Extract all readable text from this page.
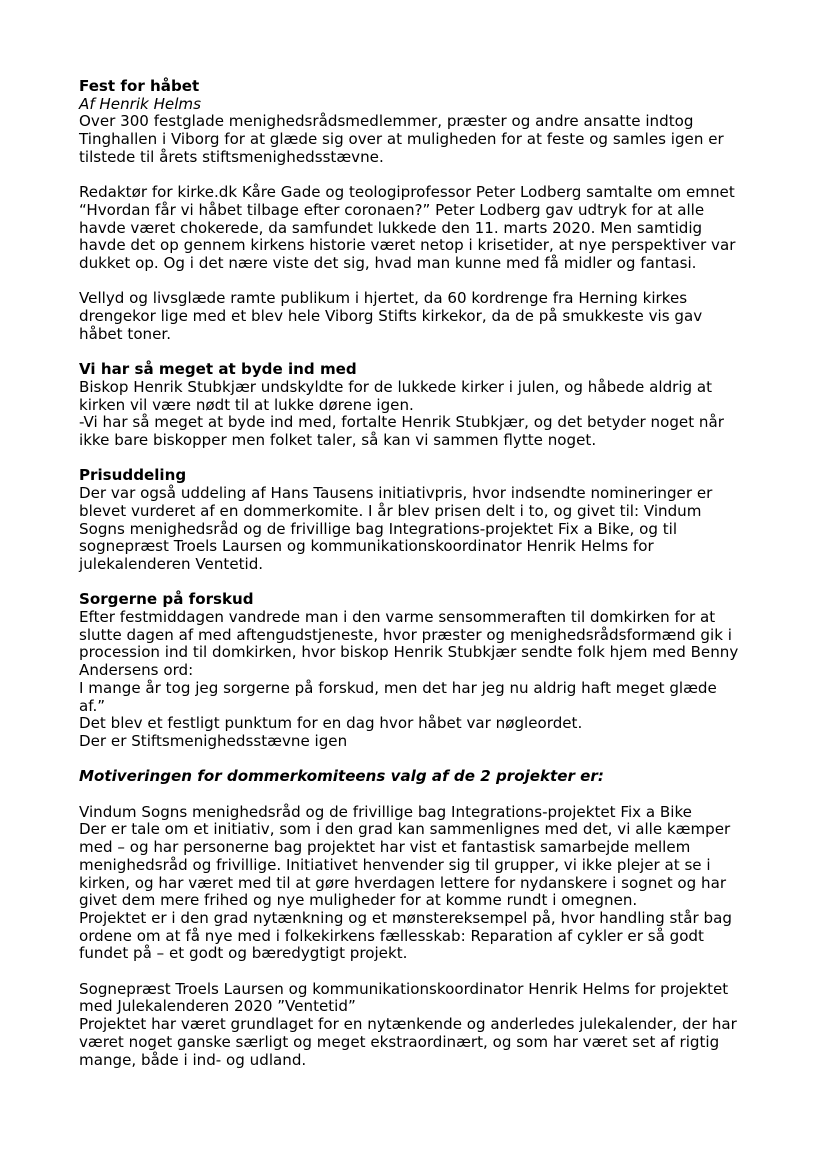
Fest for håbet
Af Henrik Helms
Over 300 festglade menighedsrådsmedlemmer, præster og andre ansatte indtog
Tinghallen i Viborg for at glæde sig over at muligheden for at feste og samles igen er
tilstede til årets stiftsmenighedsstævne.
Redaktør for kirke.dk Kåre Gade og teologiprofessor Peter Lodberg samtalte om emnet
“Hvordan får vi håbet tilbage efter coronaen?” Peter Lodberg gav udtryk for at alle
havde været chokerede, da samfundet lukkede den 11. marts 2020. Men samtidig
havde det op gennem kirkens historie været netop i krisetider, at nye perspektiver var
dukket op. Og i det nære viste det sig, hvad man kunne med få midler og fantasi.
Vellyd og livsglæde ramte publikum i hjertet, da 60 kordrenge fra Herning kirkes
drengekor lige med et blev hele Viborg Stifts kirkekor, da de på smukkeste vis gav
håbet toner.
Vi har så meget at byde ind med
Biskop Henrik Stubkjær undskyldte for de lukkede kirker i julen, og håbede aldrig at
kirken vil være nødt til at lukke dørene igen.
-Vi har så meget at byde ind med, fortalte Henrik Stubkjær, og det betyder noget når
ikke bare biskopper men folket taler, så kan vi sammen flytte noget.
Prisuddeling
Der var også uddeling af Hans Tausens initiativpris, hvor indsendte nomineringer er
blevet vurderet af en dommerkomite. I år blev prisen delt i to, og givet til: Vindum
Sogns menighedsråd og de frivillige bag Integrations-projektet Fix a Bike, og til
sognepræst Troels Laursen og kommunikationskoordinator Henrik Helms for
julekalenderen Ventetid.
Sorgerne på forskud
Efter festmiddagen vandrede man i den varme sensommeraften til domkirken for at
slutte dagen af med aftengudstjeneste, hvor præster og menighedsrådsformænd gik i
procession ind til domkirken, hvor biskop Henrik Stubkjær sendte folk hjem med Benny
Andersens ord:
I mange år tog jeg sorgerne på forskud, men det har jeg nu aldrig haft meget glæde
af.”
Det blev et festligt punktum for en dag hvor håbet var nøgleordet.
Der er Stiftsmenighedsstævne igen
Motiveringen for dommerkomiteens valg af de 2 projekter er:
Vindum Sogns menighedsråd og de frivillige bag Integrations-projektet Fix a Bike
Der er tale om et initiativ, som i den grad kan sammenlignes med det, vi alle kæmper
med – og har personerne bag projektet har vist et fantastisk samarbejde mellem
menighedsråd og frivillige. Initiativet henvender sig til grupper, vi ikke plejer at se i
kirken, og har været med til at gøre hverdagen lettere for nydanskere i sognet og har
givet dem mere frihed og nye muligheder for at komme rundt i omegnen.
Projektet er i den grad nytænkning og et mønstereksempel på, hvor handling står bag
ordene om at få nye med i folkekirkens fællesskab: Reparation af cykler er så godt
fundet på – et godt og bæredygtigt projekt.
Sognepræst Troels Laursen og kommunikationskoordinator Henrik Helms for projektet
med Julekalenderen 2020 ”Ventetid”
Projektet har været grundlaget for en nytænkende og anderledes julekalender, der har
været noget ganske særligt og meget ekstraordinært, og som har været set af rigtig
mange, både i ind- og udland.
